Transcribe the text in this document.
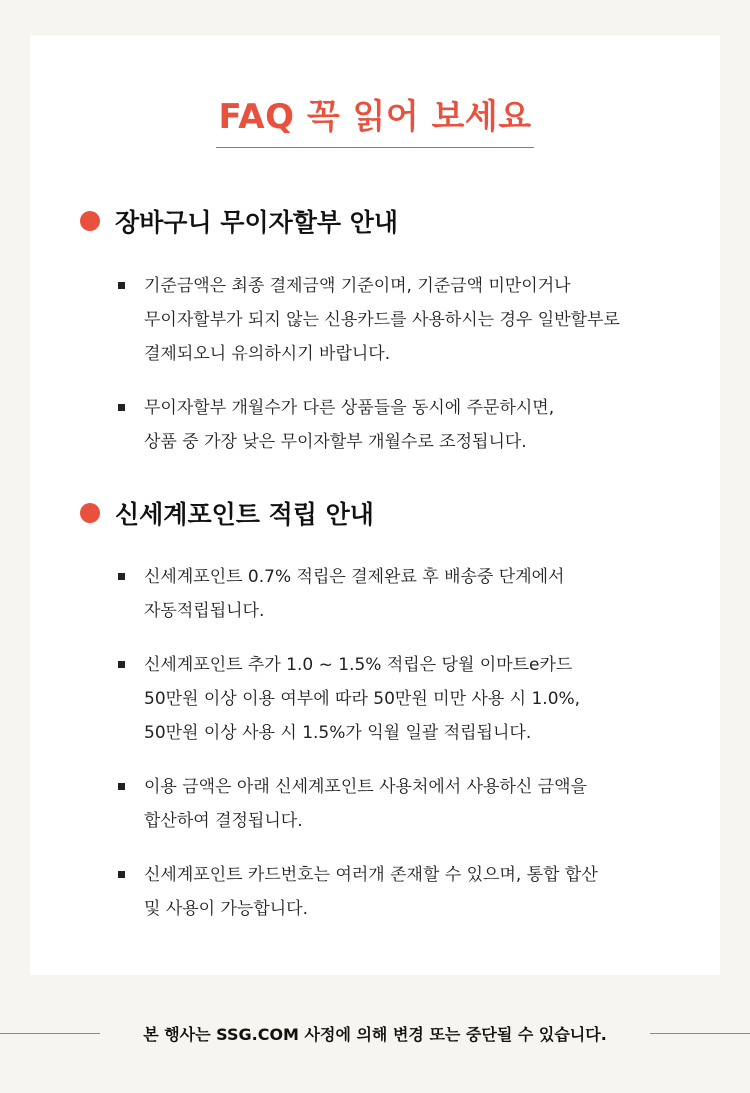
FAQ 꼭 읽어 보세요
장바구니 무이자할부 안내
기준금액은 최종 결제금액 기준이며, 기준금액 미만이거나
무이자할부가 되지 않는 신용카드를 사용하시는 경우 일반할부로
결제되오니 유의하시기 바랍니다.
무이자할부 개월수가 다른 상품들을 동시에 주문하시면,
상품 중 가장 낮은 무이자할부 개월수로 조정됩니다.
신세계포인트 적립 안내
신세계포인트 0.7% 적립은 결제완료 후 배송중 단계에서
자동적립됩니다.
신세계포인트 추가 1.0 ~ 1.5% 적립은 당월 이마트e카드
50만원 이상 이용 여부에 따라 50만원 미만 사용 시 1.0%,
50만원 이상 사용 시 1.5%가 익월 일괄 적립됩니다.
이용 금액은 아래 신세계포인트 사용처에서 사용하신 금액을
합산하여 결정됩니다.
신세계포인트 카드번호는 여러개 존재할 수 있으며, 통합 합산
및 사용이 가능합니다.
본 행사는 SSG.COM 사정에 의해 변경 또는 중단될 수 있습니다.
